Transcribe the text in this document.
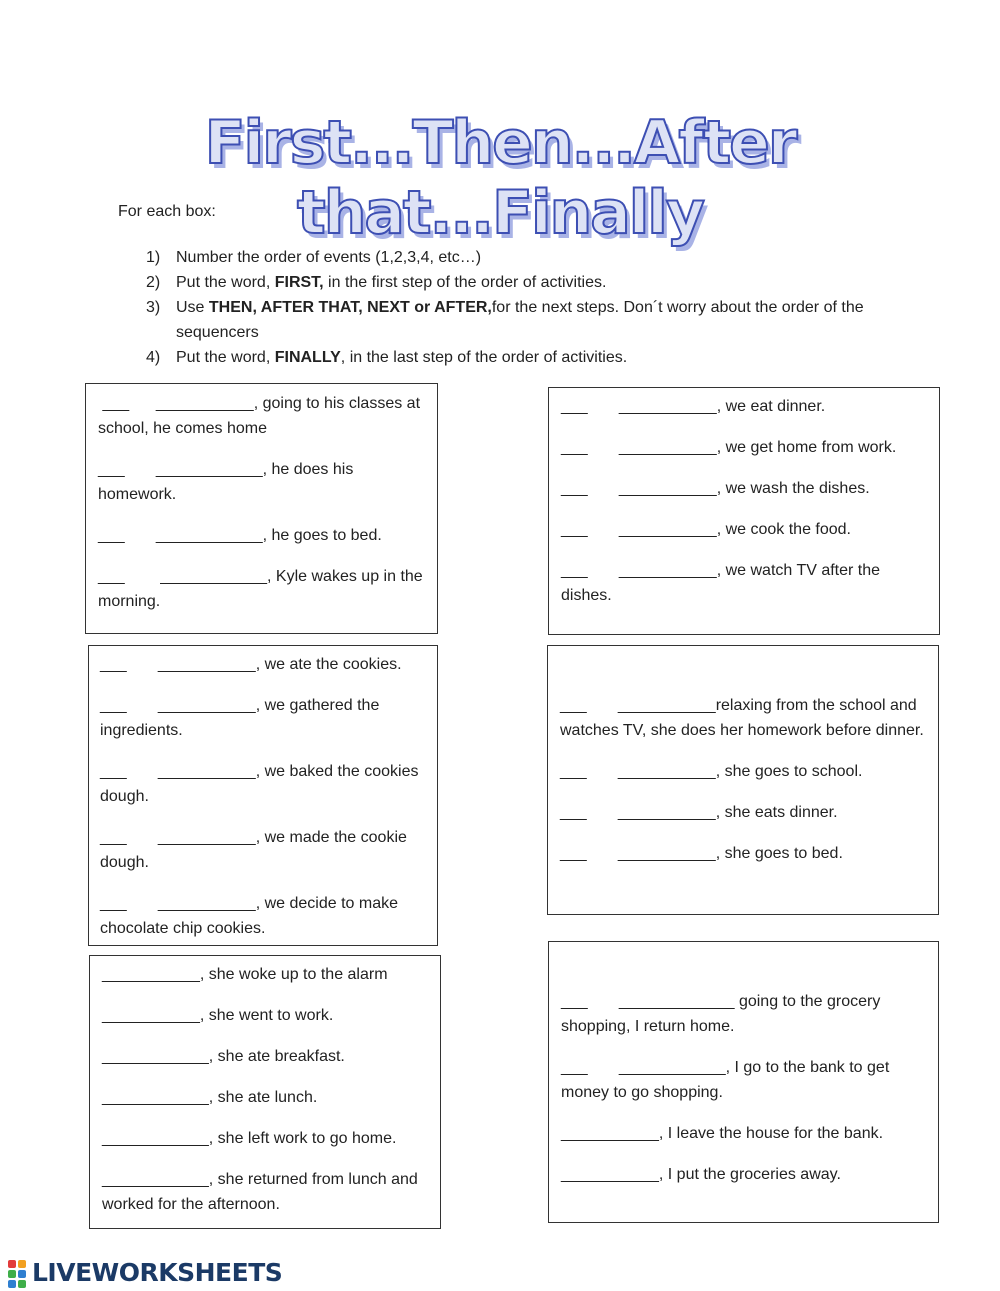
First...Then...After that...Finally
For each box:
1) Number the order of events (1,2,3,4, etc…)
2) Put the word, FIRST, in the first step of the order of activities.
3) Use THEN, AFTER THAT, NEXT or AFTER,for the next steps. Don´t worry about the order of the sequencers
4) Put the word, FINALLY, in the last step of the order of activities.
___      ___________, going to his classes at school, he comes home
___       ____________, he does his homework.
___       ____________, he goes to bed.
___        ____________, Kyle wakes up in the morning.
___       ___________, we eat dinner.
___       ___________, we get home from work.
___       ___________, we wash the dishes.
___       ___________, we cook the food.
___       ___________, we watch TV after the dishes.
___       ___________, we ate the cookies.
___       ___________, we gathered the ingredients.
___       ___________, we baked the cookies dough.
___       ___________, we made the cookie dough.
___       ___________, we decide to make chocolate chip cookies.
___       ___________relaxing from the school and watches TV, she does her homework before dinner.
___       ___________, she goes to school.
___       ___________, she eats dinner.
___       ___________, she goes to bed.
___________, she woke up to the alarm
___________, she went to work.
____________, she ate breakfast.
____________, she ate lunch.
____________, she left work to go home.
____________, she returned from lunch and worked for the afternoon.
___       _____________ going to the grocery shopping, I return home.
___       ____________, I go to the bank to get money to go shopping.
___________, I leave the house for the bank.
___________, I put the groceries away.
LIVEWORKSHEETS
